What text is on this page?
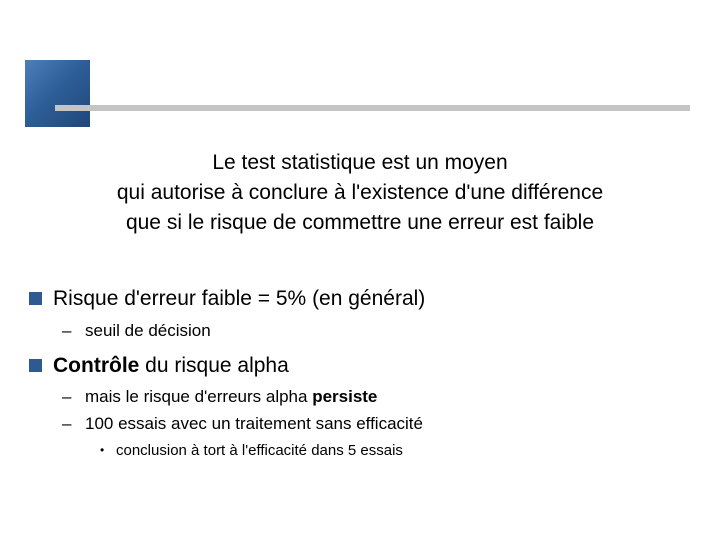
Le test statistique est un moyen
qui autorise à conclure à l'existence d'une différence
que si le risque de commettre une erreur est faible
Risque d'erreur faible = 5% (en général)
– seuil de décision
Contrôle du risque alpha
– mais le risque d'erreurs alpha persiste
– 100 essais avec un traitement sans efficacité
• conclusion à tort à l'efficacité dans 5 essais
